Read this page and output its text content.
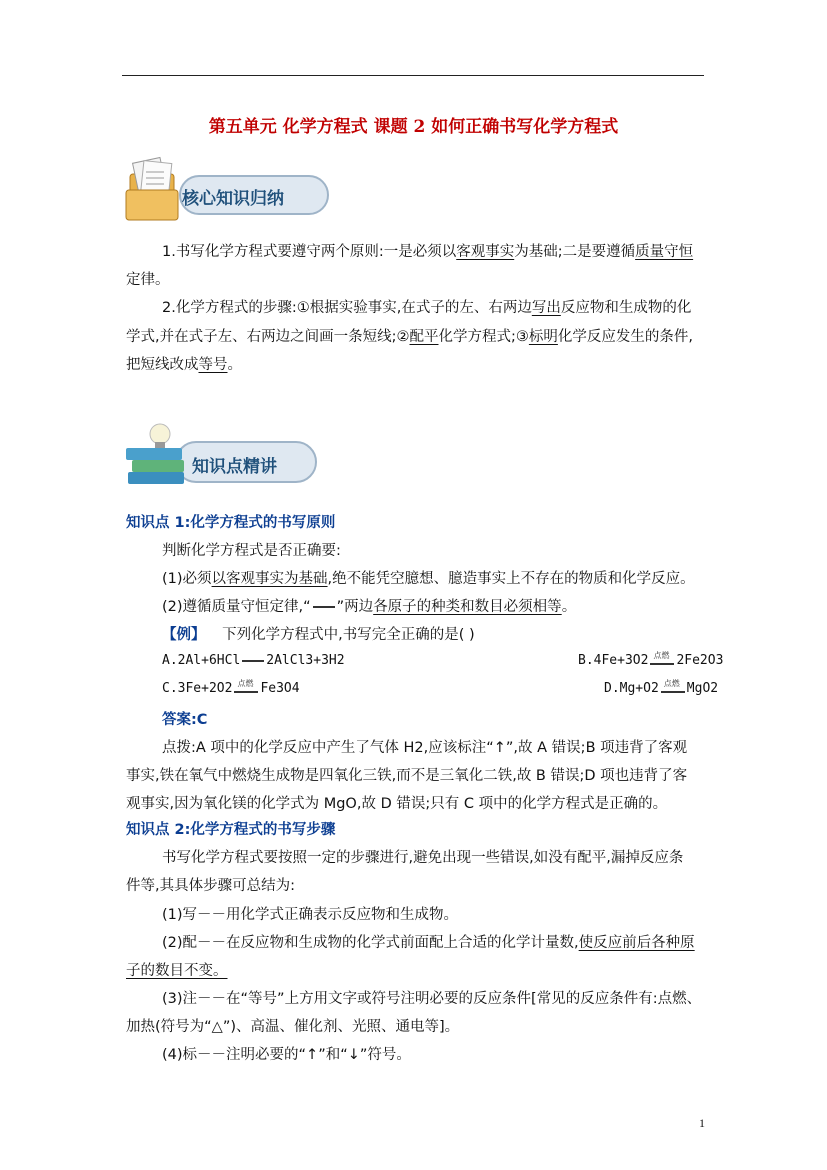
第五单元 化学方程式 课题 2 如何正确书写化学方程式
核心知识归纳
1.书写化学方程式要遵守两个原则:一是必须以客观事实为基础;二是要遵循质量守恒
定律。
2.化学方程式的步骤:①根据实验事实,在式子的左、右两边写出反应物和生成物的化
学式,并在式子左、右两边之间画一条短线;②配平化学方程式;③标明化学反应发生的条件,
把短线改成等号。
知识点精讲
知识点 1:化学方程式的书写原则
判断化学方程式是否正确要:
(1)必须以客观事实为基础,绝不能凭空臆想、臆造事实上不存在的物质和化学反应。
(2)遵循质量守恒定律,“ ”两边各原子的种类和数目必须相等。
【例】 下列化学方程式中,书写完全正确的是( )
A.2Al+6HCl 2AlCl3+3H2	B.4Fe+3O2 点燃 2Fe2O3
C.3Fe+2O2 点燃 Fe3O4	D.Mg+O2 点燃 MgO2
答案:C
点拨:A 项中的化学反应中产生了气体 H2,应该标注“↑”,故 A 错误;B 项违背了客观
事实,铁在氧气中燃烧生成物是四氧化三铁,而不是三氧化二铁,故 B 错误;D 项也违背了客
观事实,因为氧化镁的化学式为 MgO,故 D 错误;只有 C 项中的化学方程式是正确的。
知识点 2:化学方程式的书写步骤
书写化学方程式要按照一定的步骤进行,避免出现一些错误,如没有配平,漏掉反应条
件等,其具体步骤可总结为:
(1)写－－用化学式正确表示反应物和生成物。
(2)配－－在反应物和生成物的化学式前面配上合适的化学计量数,使反应前后各种原
子的数目不变。
(3)注－－在“等号”上方用文字或符号注明必要的反应条件[常见的反应条件有:点燃、
加热(符号为“△”)、高温、催化剂、光照、通电等]。
(4)标－－注明必要的“↑”和“↓”符号。
1
